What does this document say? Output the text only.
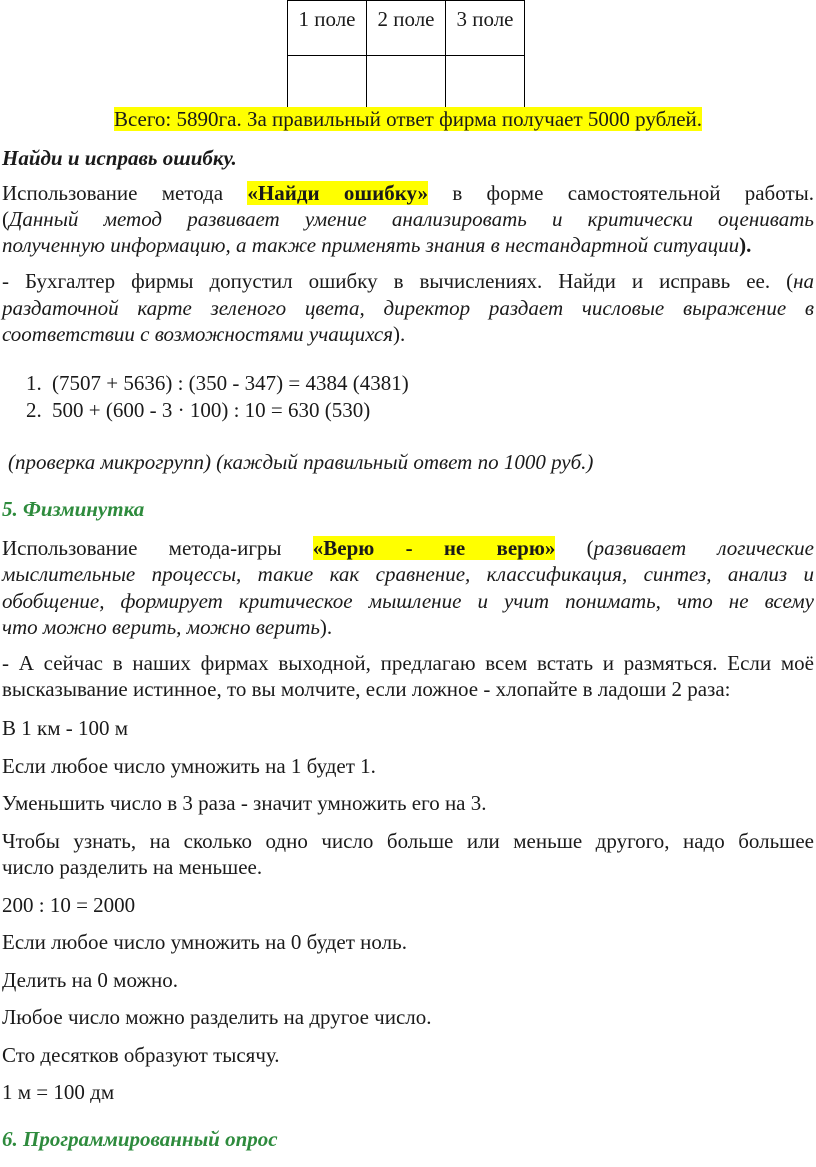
1 поле	2 поле	3 поле

Всего: 5890га. За правильный ответ фирма получает 5000 рублей.
Найди и исправь ошибку.
Использование метода «Найди ошибку» в форме самостоятельной работы.
(Данный метод развивает умение анализировать и критически оценивать
полученную информацию, а также применять знания в нестандартной ситуации).
- Бухгалтер фирмы допустил ошибку в вычислениях. Найди и исправь ее. (на
раздаточной карте зеленого цвета, директор раздает числовые выражение в
соответствии с возможностями учащихся).
1. (7507 + 5636) : (350 - 347) = 4384 (4381)
2. 500 + (600 - 3 · 100) : 10 = 630 (530)
(проверка микрогрупп) (каждый правильный ответ по 1000 руб.)
5. Физминутка
Использование метода-игры «Верю - не верю» (развивает логические
мыслительные процессы, такие как сравнение, классификация, синтез, анализ и
обобщение, формирует критическое мышление и учит понимать, что не всему
что можно верить, можно верить).
- А сейчас в наших фирмах выходной, предлагаю всем встать и размяться. Если моё
высказывание истинное, то вы молчите, если ложное - хлопайте в ладоши 2 раза:
В 1 км - 100 м
Если любое число умножить на 1 будет 1.
Уменьшить число в 3 раза - значит умножить его на 3.
Чтобы узнать, на сколько одно число больше или меньше другого, надо большее
число разделить на меньшее.
200 : 10 = 2000
Если любое число умножить на 0 будет ноль.
Делить на 0 можно.
Любое число можно разделить на другое число.
Сто десятков образуют тысячу.
1 м = 100 дм
6. Программированный опрос
